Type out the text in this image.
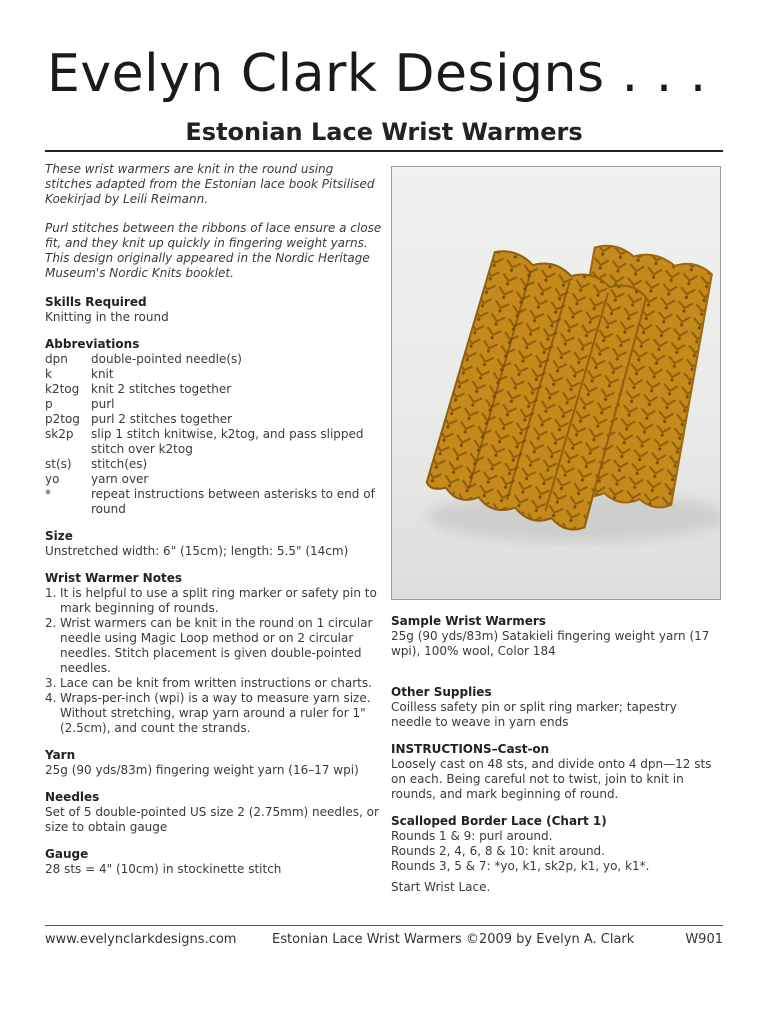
Evelyn Clark Designs . . .
Estonian Lace Wrist Warmers

These wrist warmers are knit in the round using stitches adapted from the Estonian lace book Pitsilised Koekirjad by Leili Reimann.

Purl stitches between the ribbons of lace ensure a close fit, and they knit up quickly in fingering weight yarns. This design originally appeared in the Nordic Heritage Museum's Nordic Knits booklet.

Skills Required

Knitting in the round

Abbreviations
dpn	double-pointed needle(s)
k	knit
k2tog knit 2 stitches together
p	purl
p2tog purl 2 stitches together
sk2p	slip 1 stitch knitwise, k2tog, and pass slipped stitch over k2tog
st(s)	stitch(es)
yo	yarn over
*	repeat instructions between asterisks to end of round
Size

Unstretched width: 6" (15cm); length: 5.5" (14cm)

Wrist Warmer Notes
1. It is helpful to use a split ring marker or safety pin to mark beginning of rounds.
2. Wrist warmers can be knit in the round on 1 circular needle using Magic Loop method or on 2 circular needles. Stitch placement is given double-pointed needles.
3. Lace can be knit from written instructions or charts.
4. Wraps-per-inch (wpi) is a way to measure yarn size. Without stretching, wrap yarn around a ruler for 1" (2.5cm), and count the strands.
Yarn

25g (90 yds/83m) fingering weight yarn (16–17 wpi)

Needles

Set of 5 double-pointed US size 2 (2.75mm) needles, or size to obtain gauge

Gauge

28 sts = 4" (10cm) in stockinette stitch

Sample Wrist Warmers

25g (90 yds/83m) Satakieli fingering weight yarn (17 wpi), 100% wool, Color 184

Other Supplies

Coilless safety pin or split ring marker; tapestry needle to weave in yarn ends

INSTRUCTIONS–Cast-on

Loosely cast on 48 sts, and divide onto 4 dpn—12 sts on each. Being careful not to twist, join to knit in rounds, and mark beginning of round.

Scalloped Border Lace (Chart 1)

Rounds 1 & 9: purl around.

Rounds 2, 4, 6, 8 & 10: knit around.

Rounds 3, 5 & 7: *yo, k1, sk2p, k1, yo, k1*.

Start Wrist Lace.

www.evelynclarkdesigns.com	Estonian Lace Wrist Warmers ©2009 by Evelyn A. Clark	W901
